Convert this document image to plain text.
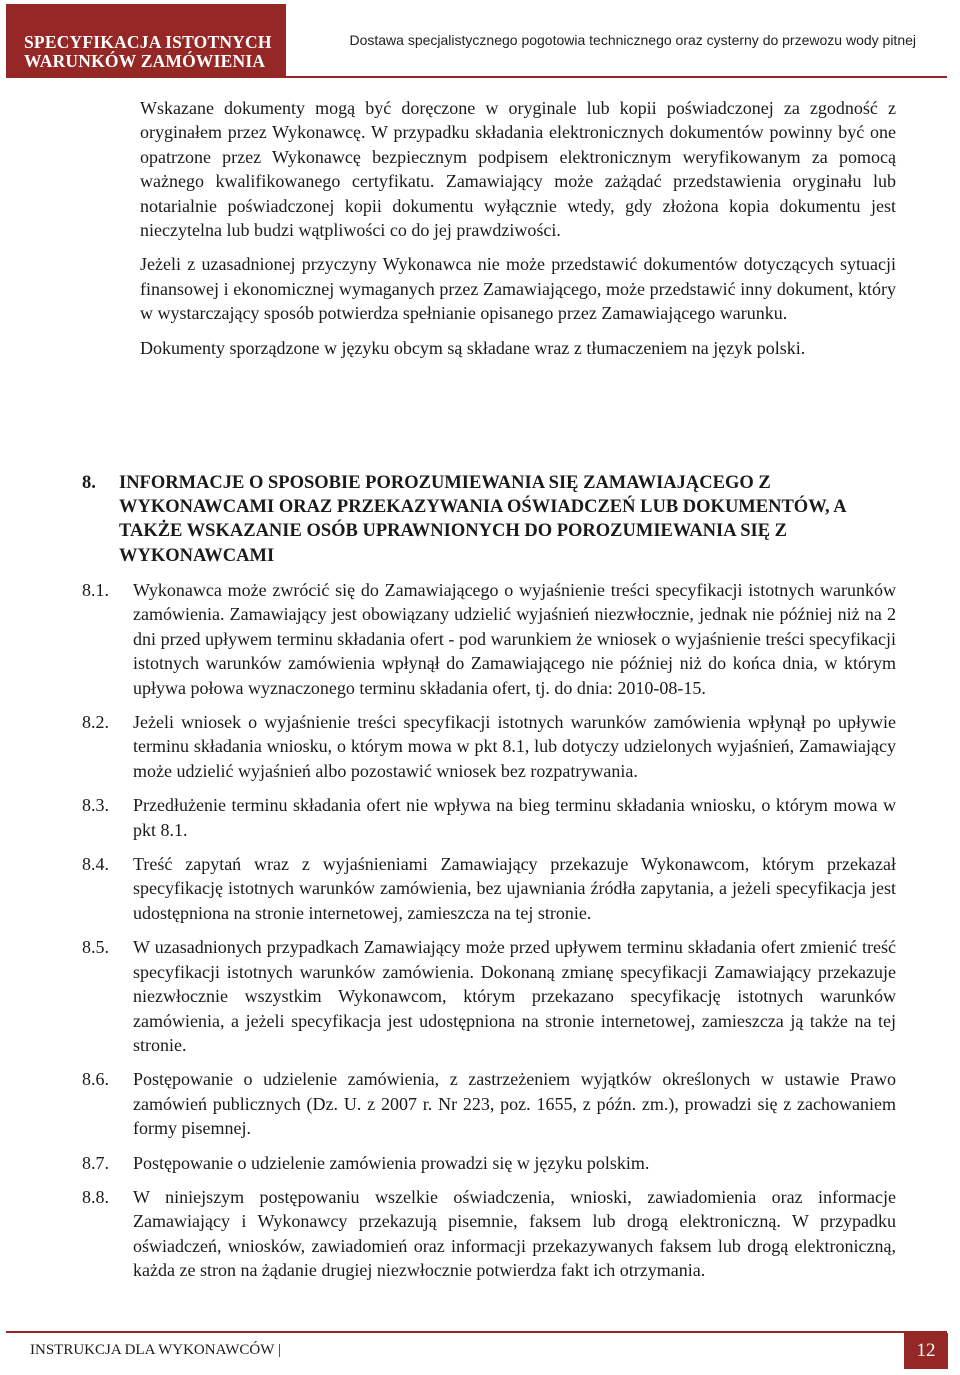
SPECYFIKACJA ISTOTNYCH
WARUNKÓW ZAMÓWIENIA
Dostawa specjalistycznego pogotowia technicznego oraz cysterny do przewozu wody pitnej

Wskazane dokumenty mogą być doręczone w oryginale lub kopii poświadczonej za zgodność z oryginałem przez Wykonawcę. W przypadku składania elektronicznych dokumentów powinny być one opatrzone przez Wykonawcę bezpiecznym podpisem elektronicznym weryfikowanym za pomocą ważnego kwalifikowanego certyfikatu. Zamawiający może zażądać przedstawienia oryginału lub notarialnie poświadczonej kopii dokumentu wyłącznie wtedy, gdy złożona kopia dokumentu jest nieczytelna lub budzi wątpliwości co do jej prawdziwości.

Jeżeli z uzasadnionej przyczyny Wykonawca nie może przedstawić dokumentów dotyczących sytuacji finansowej i ekonomicznej wymaganych przez Zamawiającego, może przedstawić inny dokument, który w wystarczający sposób potwierdza spełnianie opisanego przez Zamawiającego warunku.

Dokumenty sporządzone w języku obcym są składane wraz z tłumaczeniem na język polski.

8. INFORMACJE O SPOSOBIE POROZUMIEWANIA SIĘ ZAMAWIAJĄCEGO Z WYKONAWCAMI ORAZ PRZEKAZYWANIA OŚWIADCZEŃ LUB DOKUMENTÓW, A TAKŻE WSKAZANIE OSÓB UPRAWNIONYCH DO POROZUMIEWANIA SIĘ Z WYKONAWCAMI
8.1. Wykonawca może zwrócić się do Zamawiającego o wyjaśnienie treści specyfikacji istotnych warunków zamówienia. Zamawiający jest obowiązany udzielić wyjaśnień niezwłocznie, jednak nie później niż na 2 dni przed upływem terminu składania ofert - pod warunkiem że wniosek o wyjaśnienie treści specyfikacji istotnych warunków zamówienia wpłynął do Zamawiającego nie później niż do końca dnia, w którym upływa połowa wyznaczonego terminu składania ofert, tj. do dnia: 2010-08-15.
8.2. Jeżeli wniosek o wyjaśnienie treści specyfikacji istotnych warunków zamówienia wpłynął po upływie terminu składania wniosku, o którym mowa w pkt 8.1, lub dotyczy udzielonych wyjaśnień, Zamawiający może udzielić wyjaśnień albo pozostawić wniosek bez rozpatrywania.
8.3. Przedłużenie terminu składania ofert nie wpływa na bieg terminu składania wniosku, o którym mowa w pkt 8.1.
8.4. Treść zapytań wraz z wyjaśnieniami Zamawiający przekazuje Wykonawcom, którym przekazał specyfikację istotnych warunków zamówienia, bez ujawniania źródła zapytania, a jeżeli specyfikacja jest udostępniona na stronie internetowej, zamieszcza na tej stronie.
8.5. W uzasadnionych przypadkach Zamawiający może przed upływem terminu składania ofert zmienić treść specyfikacji istotnych warunków zamówienia. Dokonaną zmianę specyfikacji Zamawiający przekazuje niezwłocznie wszystkim Wykonawcom, którym przekazano specyfikację istotnych warunków zamówienia, a jeżeli specyfikacja jest udostępniona na stronie internetowej, zamieszcza ją także na tej stronie.
8.6. Postępowanie o udzielenie zamówienia, z zastrzeżeniem wyjątków określonych w ustawie Prawo zamówień publicznych (Dz. U. z 2007 r. Nr 223, poz. 1655, z późn. zm.), prowadzi się z zachowaniem formy pisemnej.
8.7. Postępowanie o udzielenie zamówienia prowadzi się w języku polskim.
8.8. W niniejszym postępowaniu wszelkie oświadczenia, wnioski, zawiadomienia oraz informacje Zamawiający i Wykonawcy przekazują pisemnie, faksem lub drogą elektroniczną. W przypadku oświadczeń, wniosków, zawiadomień oraz informacji przekazywanych faksem lub drogą elektroniczną, każda ze stron na żądanie drugiej niezwłocznie potwierdza fakt ich otrzymania.
INSTRUKCJA DLA WYKONAWCÓW |	12
